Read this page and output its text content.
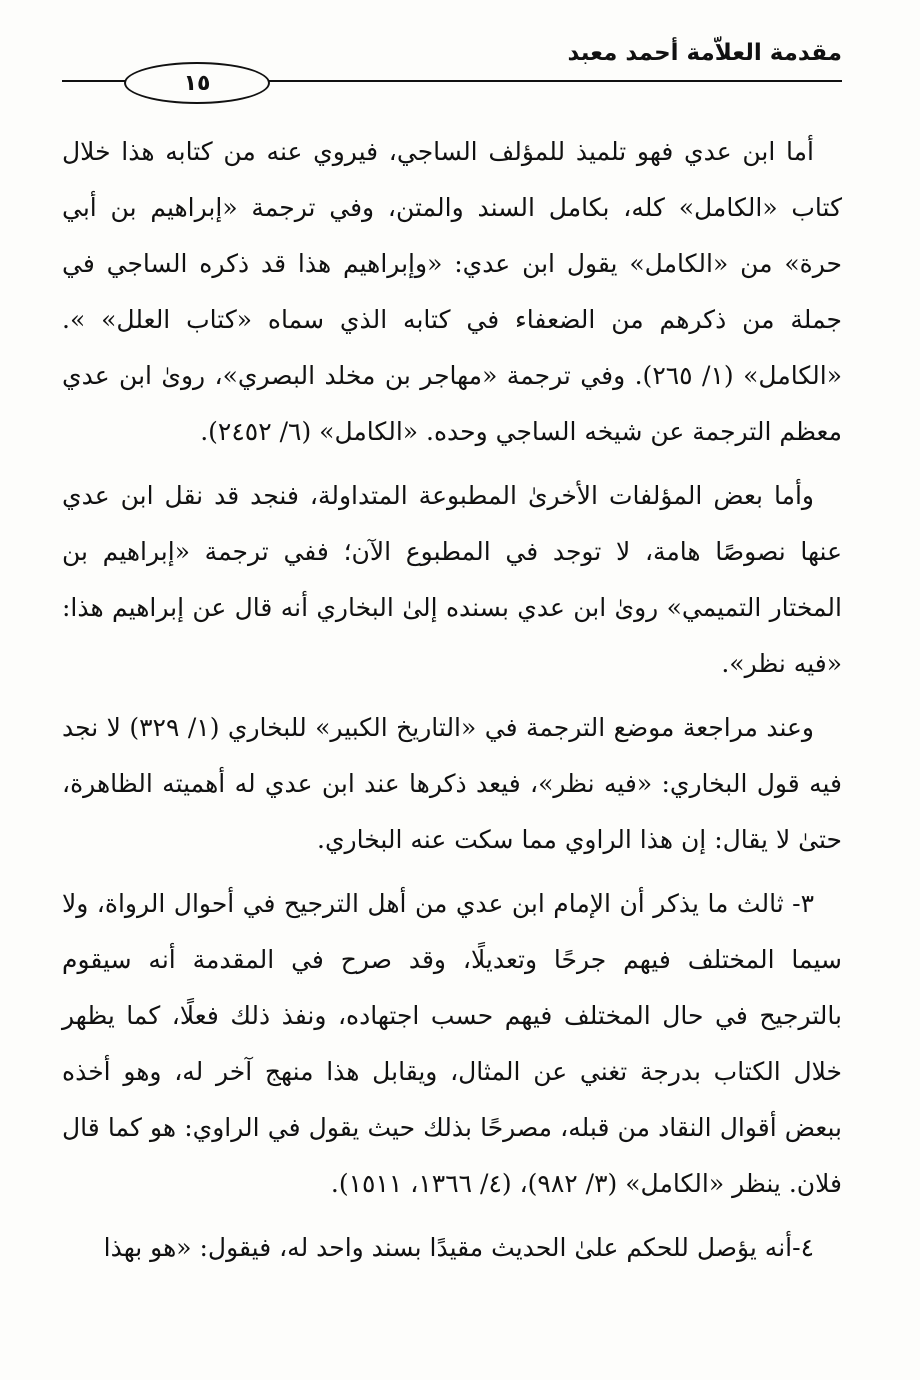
مقدمة العلاّمة أحمد معبد
١٥

أما ابن عدي فهو تلميذ للمؤلف الساجي، فيروي عنه من كتابه هذا خلال كتاب «الكامل» كله، بكامل السند والمتن، وفي ترجمة «إبراهيم بن أبي حرة» من «الكامل» يقول ابن عدي: «وإبراهيم هذا قد ذكره الساجي في جملة من ذكرهم من الضعفاء في كتابه الذي سماه «كتاب العلل» ». «الكامل» (١/ ٢٦٥). وفي ترجمة «مهاجر بن مخلد البصري»، روىٰ ابن عدي معظم الترجمة عن شيخه الساجي وحده. «الكامل» (٦/ ٢٤٥٢).

وأما بعض المؤلفات الأخرىٰ المطبوعة المتداولة، فنجد قد نقل ابن عدي عنها نصوصًا هامة، لا توجد في المطبوع الآن؛ ففي ترجمة «إبراهيم بن المختار التميمي» روىٰ ابن عدي بسنده إلىٰ البخاري أنه قال عن إبراهيم هذا: «فيه نظر».

وعند مراجعة موضع الترجمة في «التاريخ الكبير» للبخاري (١/ ٣٢٩) لا نجد فيه قول البخاري: «فيه نظر»، فيعد ذكرها عند ابن عدي له أهميته الظاهرة، حتىٰ لا يقال: إن هذا الراوي مما سكت عنه البخاري.

٣- ثالث ما يذكر أن الإمام ابن عدي من أهل الترجيح في أحوال الرواة، ولا سيما المختلف فيهم جرحًا وتعديلًا، وقد صرح في المقدمة أنه سيقوم بالترجيح في حال المختلف فيهم حسب اجتهاده، ونفذ ذلك فعلًا، كما يظهر خلال الكتاب بدرجة تغني عن المثال، ويقابل هذا منهج آخر له، وهو أخذه ببعض أقوال النقاد من قبله، مصرحًا بذلك حيث يقول في الراوي: هو كما قال فلان. ينظر «الكامل» (٣/ ٩٨٢)، (٤/ ١٣٦٦، ١٥١١).

٤-أنه يؤصل للحكم علىٰ الحديث مقيدًا بسند واحد له، فيقول: «هو بهذا
